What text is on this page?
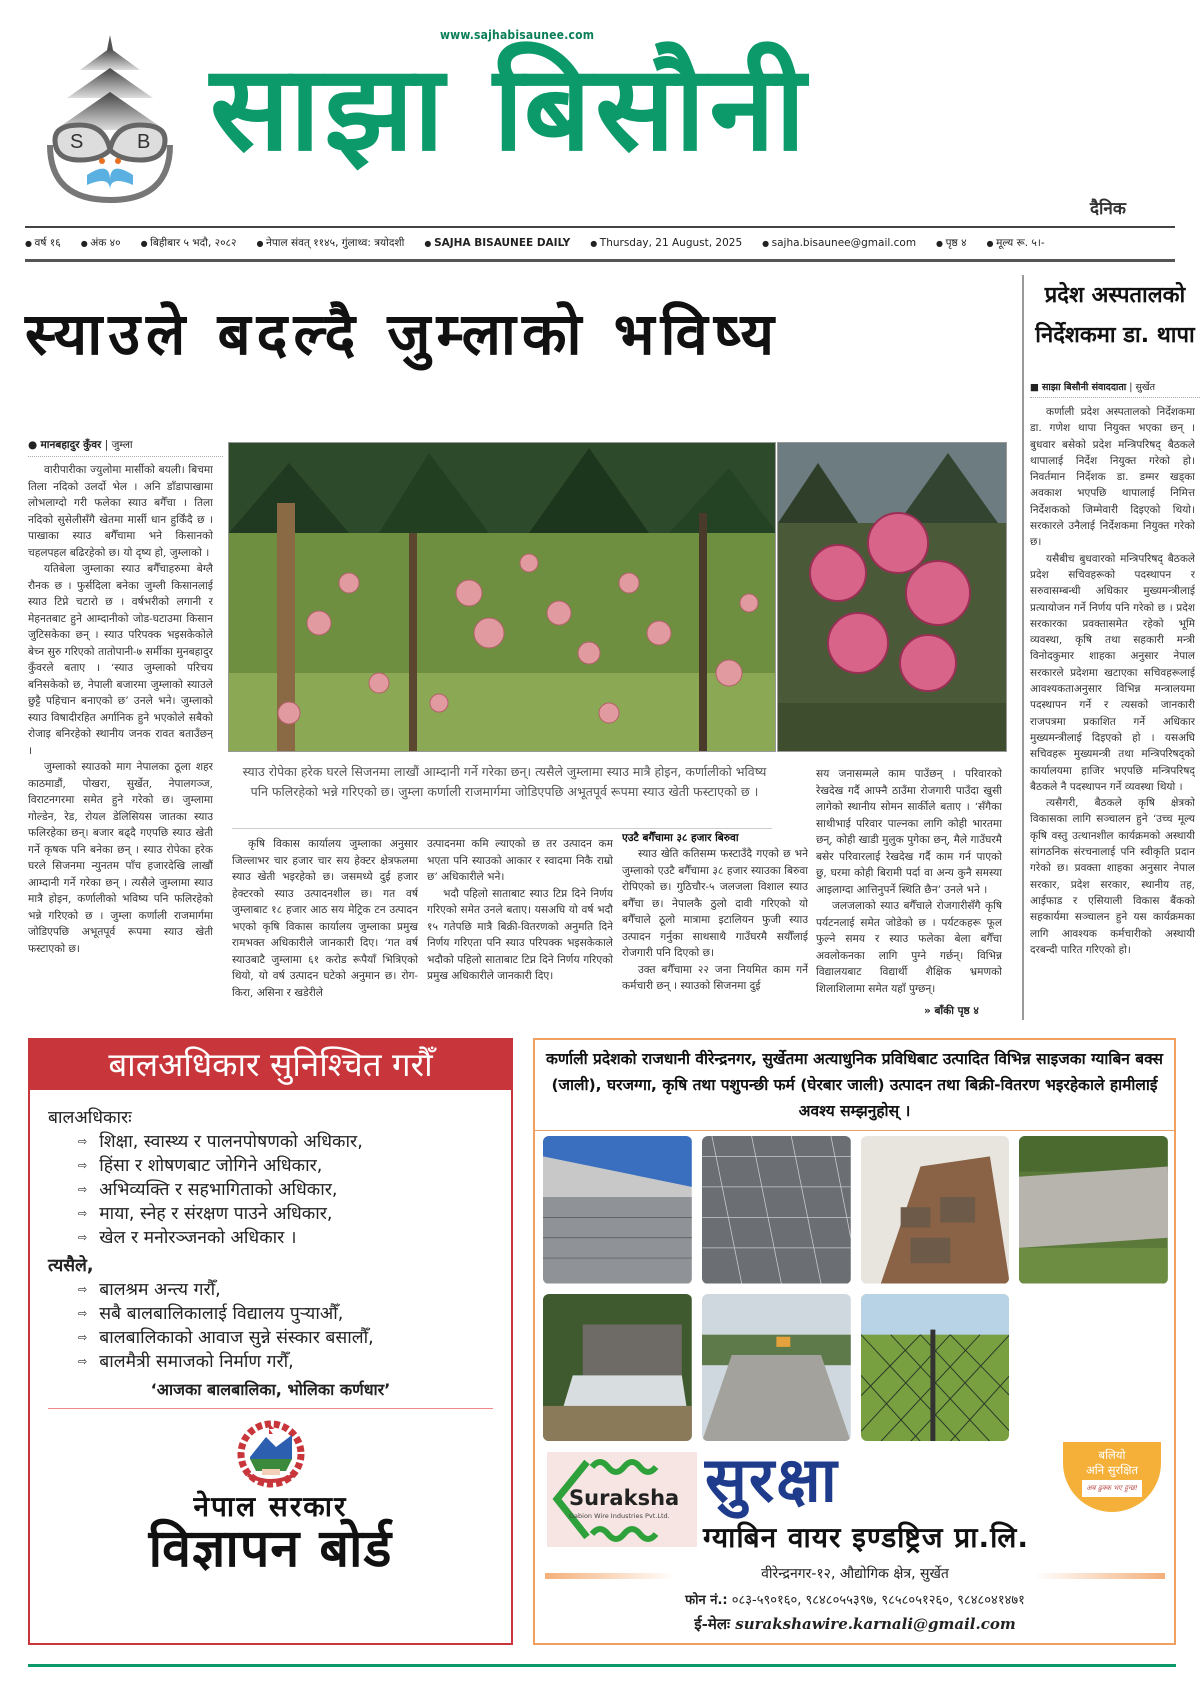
S	B
www.sajhabisaunee.com
साझा बिसौनी
दैनिक
● वर्ष १६	● अंक ४०	● बिहीबार ५ भदौ, २०८२	● नेपाल संवत् ११४५, गुंलाथ्व: त्रयोदशी	● SAJHA BISAUNEE DAILY	● Thursday, 21 August, 2025	● sajha.bisaunee@gmail.com	● पृष्ठ ४	● मूल्य रू. ५।-
स्याउले बदल्दै जुम्लाको भविष्य
● मानबहादुर कुँवर | जुम्ला

वारीपारीका ज्युलोमा मार्सीको बयली। बिचमा तिला नदिको उलर्दो भेल । अनि डाँडापाखामा लोभलाग्दो गरी फलेका स्याउ बगैँचा । तिला नदिको सुसेलीसँगै खेतमा मार्सी धान हुर्किंदै छ । पाखाका स्याउ बगैँचामा भने किसानको चहलपहल बढिरहेको छ। यो दृष्य हो, जुम्लाको ।

यतिबेला जुम्लाका स्याउ बगैँचाहरुमा बेग्लै रौनक छ । फुर्सदिला बनेका जुम्ली किसानलाई स्याउ टिप्ने चटारो छ । वर्षभरीको लगानी र मेहनतबाट हुने आम्दानीको जोड-घटाउमा किसान जुटिसकेका छन् । स्याउ परिपक्क भइसकेकोले बेच्न सुरु गरिएको तातोपानी-७ सर्मीका मुनबहादुर कुँवरले बताए । ‘स्याउ जुम्लाको परिचय बनिसकेको छ, नेपाली बजारमा जुम्लाको स्याउले छुट्टै पहिचान बनाएको छ’ उनले भने। जुम्लाको स्याउ विषादीरहित अर्गानिक हुने भएकोले सबैको रोजाइ बनिरहेको स्थानीय जनक रावत बताउँछन् ।

जुम्लाको स्याउको माग नेपालका ठूला शहर काठमाडौं, पोखरा, सुर्खेत, नेपालगञ्ज, विराटनगरमा समेत हुने गरेको छ। जुम्लामा गोल्डेन, रेड, रोयल डेलिसियस जातका स्याउ फलिरहेका छन्। बजार बढ्दै गएपछि स्याउ खेती गर्ने कृषक पनि बनेका छन् । स्याउ रोपेका हरेक घरले सिजनमा न्युनतम पाँच हजारदेखि लाखौं आम्दानी गर्ने गरेका छन् । त्यसैले जुम्लामा स्याउ मात्रै होइन, कर्णालीको भविष्य पनि फलिरहेको भन्ने गरिएको छ । जुम्ला कर्णाली राजमार्गमा जोडिएपछि अभूतपूर्व रूपमा स्याउ खेती फस्टाएको छ।

स्याउ रोपेका हरेक घरले सिजनमा लाखौं आम्दानी गर्ने गरेका छन्। त्यसैले जुम्लामा स्याउ मात्रै होइन, कर्णालीको भविष्य पनि फलिरहेको भन्ने गरिएको छ। जुम्ला कर्णाली राजमार्गमा जोडिएपछि अभूतपूर्व रूपमा स्याउ खेती फस्टाएको छ ।

कृषि विकास कार्यालय जुम्लाका अनुसार जिल्लाभर चार हजार चार सय हेक्टर क्षेत्रफलमा स्याउ खेती भइरहेको छ। जसमध्ये दुई हजार हेक्टरको स्याउ उत्पादनशील छ। गत वर्ष जुम्लाबाट १८ हजार आठ सय मेट्रिक टन उत्पादन भएको कृषि विकास कार्यालय जुम्लाका प्रमुख रामभक्त अधिकारीले जानकारी दिए। ‘गत वर्ष स्याउबाटै जुम्लामा ६१ करोड रूपैयाँ भित्रिएको थियो, यो वर्ष उत्पादन घटेको अनुमान छ। रोग-किरा, असिना र खडेरीले

उत्पादनमा कमि ल्याएको छ तर उत्पादन कम भएता पनि स्याउको आकार र स्वादमा निकै राम्रो छ’ अधिकारीले भने।

भदौ पहिलो साताबाट स्याउ टिप्न दिने निर्णय गरिएको समेत उनले बताए। यसअघि यो वर्ष भदौ १५ गतेपछि मात्रै बिक्री-वितरणको अनुमति दिने निर्णय गरिएता पनि स्याउ परिपक्क भइसकेकाले भदौको पहिलो साताबाट टिप्न दिने निर्णय गरिएको प्रमुख अधिकारीले जानकारी दिए।

एउटै बगैँचामा ३८ हजार बिरुवा

स्याउ खेति कतिसम्म फस्टाउँदै गएको छ भने जुम्लाको एउटै बगैँचामा ३८ हजार स्याउका बिरुवा रोपिएको छ। गुठिचौर-५ जलजला विशाल स्याउ बगैँचा छ। नेपालकै ठुलो दावी गरिएको यो बगैँचाले ठूलो मात्रामा इटालियन फुजी स्याउ उत्पादन गर्नुका साथसाथै गाउँघरमै सयौँलाई रोजगारी पनि दिएको छ।

उक्त बगैँचामा २२ जना नियमित काम गर्ने कर्मचारी छन् । स्याउको सिजनमा दुई

सय जनासम्मले काम पाउँछन् । परिवारको रेखदेख गर्दै आफ्नै ठाउँमा रोजगारी पाउँदा खुसी लागेको स्थानीय सोमन सार्कीले बताए । ‘सँगैका साथीभाई परिवार पाल्नका लागि कोही भारतमा छन्, कोही खाडी मुलुक पुगेका छन्, मैले गाउँघरमै बसेर परिवारलाई रेखदेख गर्दै काम गर्न पाएको छु, घरमा कोही बिरामी पर्दा वा अन्य कुनै समस्या आइलाग्दा आत्तिनुपर्ने स्थिति छैन’ उनले भने ।

जलजलाको स्याउ बगैँचाले रोजगारीसँगै कृषि पर्यटनलाई समेत जोडेको छ । पर्यटकहरू फूल फुल्ने समय र स्याउ फलेका बेला बगैँचा अवलोकनका लागि पुग्ने गर्छन्। विभिन्न विद्यालयबाट विद्यार्थी शैक्षिक भ्रमणको शिलाशिलामा समेत यहाँ पुग्छन्।

» बाँकी पृष्ठ ४
प्रदेश अस्पतालको निर्देशकमा डा. थापा
■ साझा बिसौनी संवाददाता | सुर्खेत

कर्णाली प्रदेश अस्पतालको निर्देशकमा डा. गणेश थापा नियुक्त भएका छन् । बुधवार बसेको प्रदेश मन्त्रिपरिषद् बैठकले थापालाई निर्देश नियुक्त गरेको हो। निवर्तमान निर्देशक डा. डम्मर खड्का अवकाश भएपछि थापालाई निमित्त निर्देशकको जिम्मेवारी दिइएको थियो। सरकारले उनैलाई निर्देशकमा नियुक्त गरेको छ।

यसैबीच बुधवारको मन्त्रिपरिषद् बैठकले प्रदेश सचिवहरूको पदस्थापन र सरुवासम्बन्धी अधिकार मुख्यमन्त्रीलाई प्रत्यायोजन गर्ने निर्णय पनि गरेको छ । प्रदेश सरकारका प्रवक्तासमेत रहेको भूमि व्यवस्था, कृषि तथा सहकारी मन्त्री विनोदकुमार शाहका अनुसार नेपाल सरकारले प्रदेशमा खटाएका सचिवहरूलाई आवश्यकताअनुसार विभिन्न मन्त्रालयमा पदस्थापन गर्ने र त्यसको जानकारी राजपत्रमा प्रकाशित गर्ने अधिकार मुख्यमन्त्रीलाई दिइएको हो । यसअघि सचिवहरू मुख्यमन्त्री तथा मन्त्रिपरिषद्को कार्यालयमा हाजिर भएपछि मन्त्रिपरिषद् बैठकले नै पदस्थापन गर्ने व्यवस्था थियो ।

त्यसैगरी, बैठकले कृषि क्षेत्रको विकासका लागि सञ्चालन हुने ‘उच्च मूल्य कृषि वस्तु उत्थानशील कार्यक्रमको अस्थायी सांगठनिक संरचनालाई पनि स्वीकृति प्रदान गरेको छ। प्रवक्ता शाहका अनुसार नेपाल सरकार, प्रदेश सरकार, स्थानीय तह, आईफाड र एसियाली विकास बैंकको सहकार्यमा सञ्चालन हुने यस कार्यक्रमका लागि आवश्यक कर्मचारीको अस्थायी दरबन्दी पारित गरिएको हो।

बालअधिकार सुनिश्चित गरौँ
बालअधिकारः
⇨ शिक्षा, स्वास्थ्य र पालनपोषणको अधिकार,
⇨ हिंसा र शोषणबाट जोगिने अधिकार,
⇨ अभिव्यक्ति र सहभागिताको अधिकार,
⇨ माया, स्नेह र संरक्षण पाउने अधिकार,
⇨ खेल र मनोरञ्जनको अधिकार ।
त्यसैले,
⇨ बालश्रम अन्त्य गरौँ,
⇨ सबै बालबालिकालाई विद्यालय पुर्‍याऔँ,
⇨ बालबालिकाको आवाज सुन्ने संस्कार बसालौँ,
⇨ बालमैत्री समाजको निर्माण गरौँ,
‘आजका बालबालिका, भोलिका कर्णधार’
नेपाल सरकार
विज्ञापन बोर्ड
कर्णाली प्रदेशको राजधानी वीरेन्द्रनगर, सुर्खेतमा अत्याधुनिक प्रविधिबाट उत्पादित विभिन्न साइजका ग्याबिन बक्स (जाली), घरजग्गा, कृषि तथा पशुपन्छी फर्म (घेरबार जाली) उत्पादन तथा बिक्री-वितरण भइरहेकाले हामीलाई अवश्य सम्झनुहोस् ।
Suraksha
Gabion Wire Industries Pvt.Ltd. सुरक्षा	बलियो
अनि सुरक्षित
अब ढुक्क भए हुन्छ!
ग्याबिन वायर इण्डष्ट्रिज प्रा.लि.
वीरेन्द्रनगर-१२, औद्योगिक क्षेत्र, सुर्खेत
फोन नं.: ०८३-५९०१६०, ९८४८०५५३९७, ९८५८०५१२६०, ९८४८०४१४७१
ई-मेलः surakshawire.karnali@gmail.com
